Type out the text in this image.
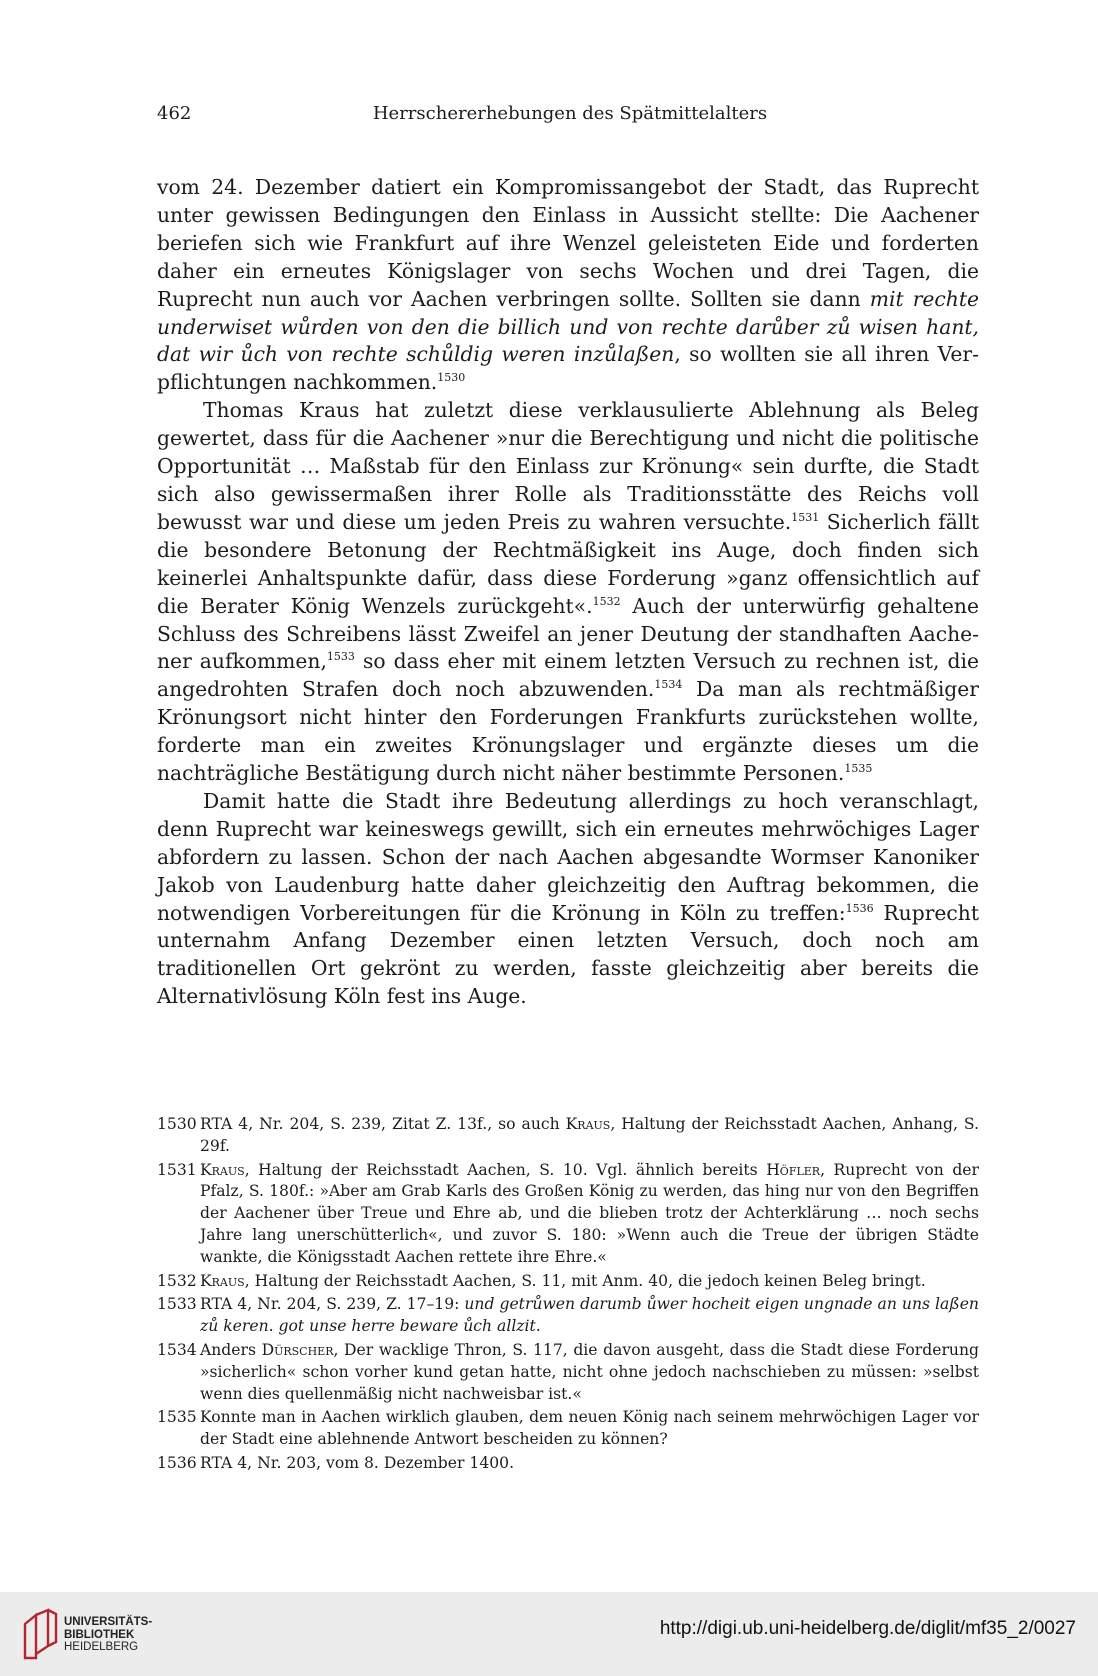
462	Herrschererhebungen des Spätmittelalters

vom 24. Dezember datiert ein Kompromissangebot der Stadt, das Ruprecht unter gewissen Bedingungen den Einlass in Aussicht stellte: Die Aachener beriefen sich wie Frankfurt auf ihre Wenzel geleisteten Eide und forderten daher ein erneutes Königslager von sechs Wochen und drei Tagen, die Ruprecht nun auch vor Aachen verbringen sollte. Sollten sie dann mit rechte underwiset wůrden von den die billich und von rechte darůber zů wisen hant, dat wir ůch von rechte schůldig weren inzůlaßen, so wollten sie all ihren Verpflichtungen nachkommen.$^{1530}$

Thomas Kraus hat zuletzt diese verklausulierte Ablehnung als Beleg gewertet, dass für die Aachener »nur die Berechtigung und nicht die politische Opportunität … Maßstab für den Einlass zur Krönung« sein durfte, die Stadt sich also gewissermaßen ihrer Rolle als Traditionsstätte des Reichs voll bewusst war und diese um jeden Preis zu wahren versuchte.$^{1531}$ Sicherlich fällt die besondere Betonung der Rechtmäßigkeit ins Auge, doch finden sich keinerlei Anhaltspunkte dafür, dass diese Forderung »ganz offensichtlich auf die Berater König Wenzels zurückgeht«.$^{1532}$ Auch der unterwürfig gehaltene Schluss des Schreibens lässt Zweifel an jener Deutung der standhaften Aachener aufkommen,$^{1533}$ so dass eher mit einem letzten Versuch zu rechnen ist, die angedrohten Strafen doch noch abzuwenden.$^{1534}$ Da man als rechtmäßiger Krönungsort nicht hinter den Forderungen Frankfurts zurückstehen wollte, forderte man ein zweites Krönungslager und ergänzte dieses um die nachträgliche Bestätigung durch nicht näher bestimmte Personen.$^{1535}$

Damit hatte die Stadt ihre Bedeutung allerdings zu hoch veranschlagt, denn Ruprecht war keineswegs gewillt, sich ein erneutes mehrwöchiges Lager abfordern zu lassen. Schon der nach Aachen abgesandte Wormser Kanoniker Jakob von Laudenburg hatte daher gleichzeitig den Auftrag bekommen, die notwendigen Vorbereitungen für die Krönung in Köln zu treffen:$^{1536}$ Ruprecht unternahm Anfang Dezember einen letzten Versuch, doch noch am traditionellen Ort gekrönt zu werden, fasste gleichzeitig aber bereits die Alternativlösung Köln fest ins Auge.

1530 RTA 4, Nr. 204, S. 239, Zitat Z. 13f., so auch Kraus, Haltung der Reichsstadt Aachen, Anhang, S. 29f.
1531 Kraus, Haltung der Reichsstadt Aachen, S. 10. Vgl. ähnlich bereits Höfler, Ruprecht von der Pfalz, S. 180f.: »Aber am Grab Karls des Großen König zu werden, das hing nur von den Begriffen der Aachener über Treue und Ehre ab, und die blieben trotz der Achterklärung … noch sechs Jahre lang unerschütterlich«, und zuvor S. 180: »Wenn auch die Treue der übrigen Städte wankte, die Königsstadt Aachen rettete ihre Ehre.«
1532 Kraus, Haltung der Reichsstadt Aachen, S. 11, mit Anm. 40, die jedoch keinen Beleg bringt.
1533 RTA 4, Nr. 204, S. 239, Z. 17–19: und getrůwen darumb ůwer hocheit eigen ungnade an uns laßen zů keren. got unse herre beware ůch allzit.
1534 Anders Dürscher, Der wacklige Thron, S. 117, die davon ausgeht, dass die Stadt diese Forderung »sicherlich« schon vorher kund getan hatte, nicht ohne jedoch nachschieben zu müssen: »selbst wenn dies quellenmäßig nicht nachweisbar ist.«
1535 Konnte man in Aachen wirklich glauben, dem neuen König nach seinem mehrwöchigen Lager vor der Stadt eine ablehnende Antwort bescheiden zu können?
1536 RTA 4, Nr. 203, vom 8. Dezember 1400.
UNIVERSITÄTS-
BIBLIOTHEK
HEIDELBERG
http://digi.ub.uni-heidelberg.de/diglit/mf35_2/0027
